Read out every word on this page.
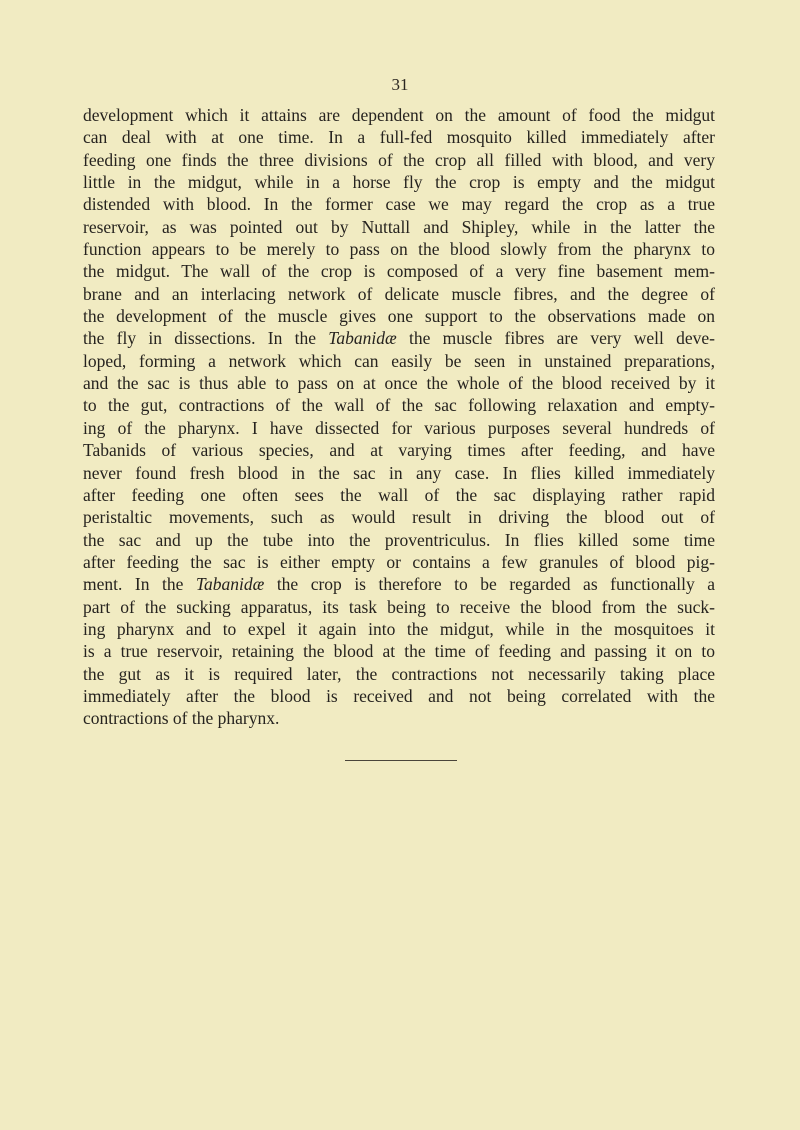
31
development which it attains are dependent on the amount of food the midgut
can deal with at one time. In a full-fed mosquito killed immediately after
feeding one finds the three divisions of the crop all filled with blood, and very
little in the midgut, while in a horse fly the crop is empty and the midgut
distended with blood. In the former case we may regard the crop as a true
reservoir, as was pointed out by Nuttall and Shipley, while in the latter the
function appears to be merely to pass on the blood slowly from the pharynx to
the midgut. The wall of the crop is composed of a very fine basement mem-
brane and an interlacing network of delicate muscle fibres, and the degree of
the development of the muscle gives one support to the observations made on
the fly in dissections. In the Tabanidæ the muscle fibres are very well deve-
loped, forming a network which can easily be seen in unstained preparations,
and the sac is thus able to pass on at once the whole of the blood received by it
to the gut, contractions of the wall of the sac following relaxation and empty-
ing of the pharynx. I have dissected for various purposes several hundreds of
Tabanids of various species, and at varying times after feeding, and have
never found fresh blood in the sac in any case. In flies killed immediately
after feeding one often sees the wall of the sac displaying rather rapid
peristaltic movements, such as would result in driving the blood out of
the sac and up the tube into the proventriculus. In flies killed some time
after feeding the sac is either empty or contains a few granules of blood pig-
ment. In the Tabanidæ the crop is therefore to be regarded as functionally a
part of the sucking apparatus, its task being to receive the blood from the suck-
ing pharynx and to expel it again into the midgut, while in the mosquitoes it
is a true reservoir, retaining the blood at the time of feeding and passing it on to
the gut as it is required later, the contractions not necessarily taking place
immediately after the blood is received and not being correlated with the
contractions of the pharynx.
